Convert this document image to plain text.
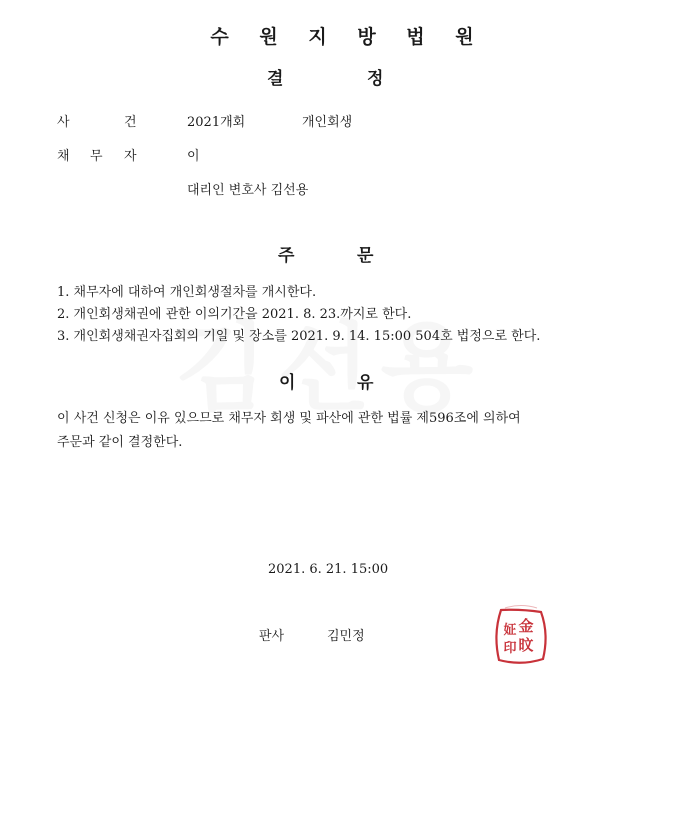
수 원 지 방 법 원
결	정
사	건	2021개회	개인회생
채 무 자	이
대리인 변호사 김선용
주	문
1. 채무자에 대하여 개인회생절차를 개시한다.
2. 개인회생채권에 관한 이의기간을 2021. 8. 23.까지로 한다.
3. 개인회생채권자집회의 기일 및 장소를 2021. 9. 14. 15:00 504호 법정으로 한다.
이	유
이 사건 신청은 이유 있으므로 채무자 회생 및 파산에 관한 법률 제596조에 의하여
주문과 같이 결정한다.
2021. 6. 21. 15:00
판사	김민정
金
旼
姃
印
